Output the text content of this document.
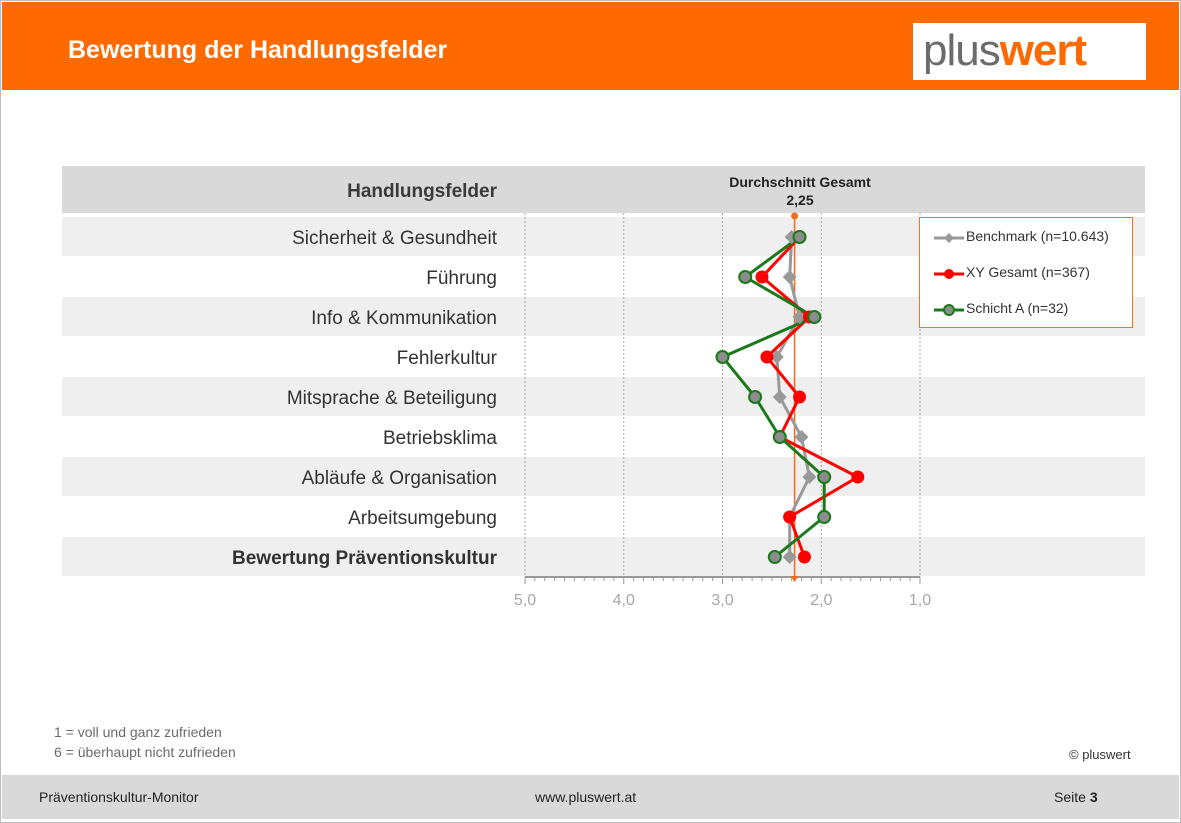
Bewertung der Handlungsfelder	pluswert
Handlungsfelder
Sicherheit & Gesundheit
Führung
Info & Kommunikation
Fehlerkultur
Mitsprache & Beteiligung
Betriebsklima
Abläufe & Organisation
Arbeitsumgebung
Bewertung Präventionskultur
5,0	4,0	3,0	2,0	1,0
Durchschnitt Gesamt
2,25
Benchmark (n=10.643)
XY Gesamt (n=367)
Schicht A (n=32)
1 = voll und ganz zufrieden
6 = überhaupt nicht zufrieden	© pluswert
Präventionskultur-Monitor	www.pluswert.at	Seite 3
